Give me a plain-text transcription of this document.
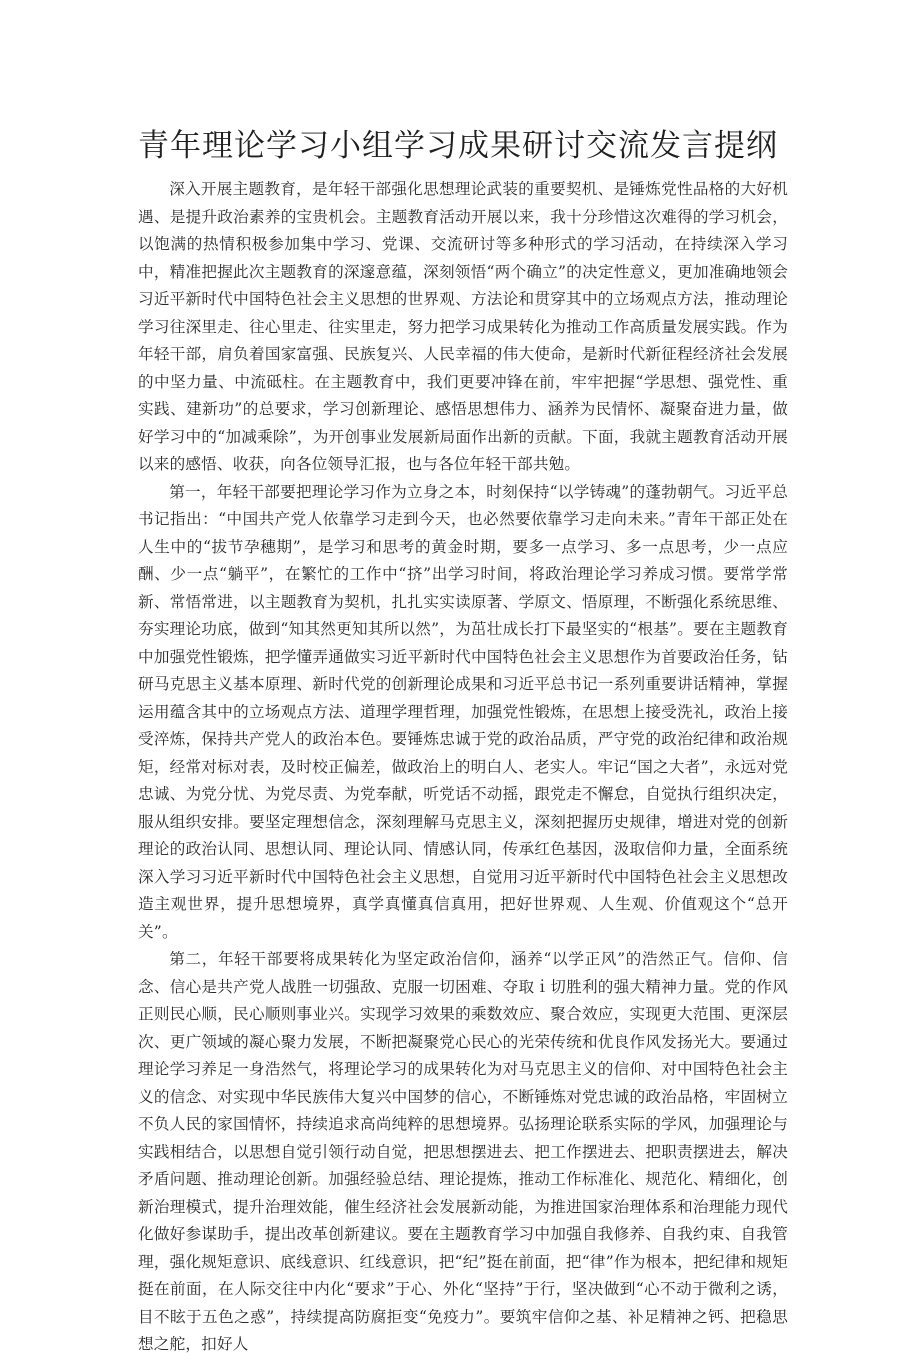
青年理论学习小组学习成果研讨交流发言提纲

深入开展主题教育，是年轻干部强化思想理论武装的重要契机、是锤炼党性品格的大好机遇、是提升政治素养的宝贵机会。主题教育活动开展以来，我十分珍惜这次难得的学习机会，以饱满的热情积极参加集中学习、党课、交流研讨等多种形式的学习活动，在持续深入学习中，精准把握此次主题教育的深邃意蕴，深刻领悟“两个确立”的决定性意义，更加准确地领会习近平新时代中国特色社会主义思想的世界观、方法论和贯穿其中的立场观点方法，推动理论学习往深里走、往心里走、往实里走，努力把学习成果转化为推动工作高质量发展实践。作为年轻干部，肩负着国家富强、民族复兴、人民幸福的伟大使命，是新时代新征程经济社会发展的中坚力量、中流砥柱。在主题教育中，我们更要冲锋在前，牢牢把握“学思想、强党性、重实践、建新功”的总要求，学习创新理论、感悟思想伟力、涵养为民情怀、凝聚奋进力量，做好学习中的“加减乘除”，为开创事业发展新局面作出新的贡献。下面，我就主题教育活动开展以来的感悟、收获，向各位领导汇报，也与各位年轻干部共勉。

第一，年轻干部要把理论学习作为立身之本，时刻保持“以学铸魂”的蓬勃朝气。习近平总书记指出：“中国共产党人依靠学习走到今天，也必然要依靠学习走向未来。”青年干部正处在人生中的“拔节孕穗期”，是学习和思考的黄金时期，要多一点学习、多一点思考，少一点应酬、少一点“躺平”，在繁忙的工作中“挤”出学习时间，将政治理论学习养成习惯。要常学常新、常悟常进，以主题教育为契机，扎扎实实读原著、学原文、悟原理，不断强化系统思维、夯实理论功底，做到“知其然更知其所以然”，为茁壮成长打下最坚实的“根基”。要在主题教育中加强党性锻炼，把学懂弄通做实习近平新时代中国特色社会主义思想作为首要政治任务，钻研马克思主义基本原理、新时代党的创新理论成果和习近平总书记一系列重要讲话精神，掌握运用蕴含其中的立场观点方法、道理学理哲理，加强党性锻炼，在思想上接受洗礼，政治上接受淬炼，保持共产党人的政治本色。要锤炼忠诚于党的政治品质，严守党的政治纪律和政治规矩，经常对标对表，及时校正偏差，做政治上的明白人、老实人。牢记“国之大者”，永远对党忠诚、为党分忧、为党尽责、为党奉献，听党话不动摇，跟党走不懈怠，自觉执行组织决定，服从组织安排。要坚定理想信念，深刻理解马克思主义，深刻把握历史规律，增进对党的创新理论的政治认同、思想认同、理论认同、情感认同，传承红色基因，汲取信仰力量，全面系统深入学习习近平新时代中国特色社会主义思想，自觉用习近平新时代中国特色社会主义思想改造主观世界，提升思想境界，真学真懂真信真用，把好世界观、人生观、价值观这个“总开关”。

第二，年轻干部要将成果转化为坚定政治信仰，涵养“以学正风”的浩然正气。信仰、信念、信心是共产党人战胜一切强敌、克服一切困难、夺取ｉ切胜利的强大精神力量。党的作风正则民心顺，民心顺则事业兴。实现学习效果的乘数效应、聚合效应，实现更大范围、更深层次、更广领域的凝心聚力发展，不断把凝聚党心民心的光荣传统和优良作风发扬光大。要通过理论学习养足一身浩然气，将理论学习的成果转化为对马克思主义的信仰、对中国特色社会主义的信念、对实现中华民族伟大复兴中国梦的信心，不断锤炼对党忠诚的政治品格，牢固树立不负人民的家国情怀，持续追求高尚纯粹的思想境界。弘扬理论联系实际的学风，加强理论与实践相结合，以思想自觉引领行动自觉，把思想摆进去、把工作摆进去、把职责摆进去，解决矛盾问题、推动理论创新。加强经验总结、理论提炼，推动工作标准化、规范化、精细化，创新治理模式，提升治理效能，催生经济社会发展新动能，为推进国家治理体系和治理能力现代化做好参谋助手，提出改革创新建议。要在主题教育学习中加强自我修养、自我约束、自我管理，强化规矩意识、底线意识、红线意识，把“纪”挺在前面，把“律”作为根本，把纪律和规矩挺在前面，在人际交往中内化“要求”于心、外化“坚持”于行，坚决做到“心不动于微利之诱，目不眩于五色之惑”，持续提高防腐拒变“免疫力”。要筑牢信仰之基、补足精神之钙、把稳思想之舵，扣好人
